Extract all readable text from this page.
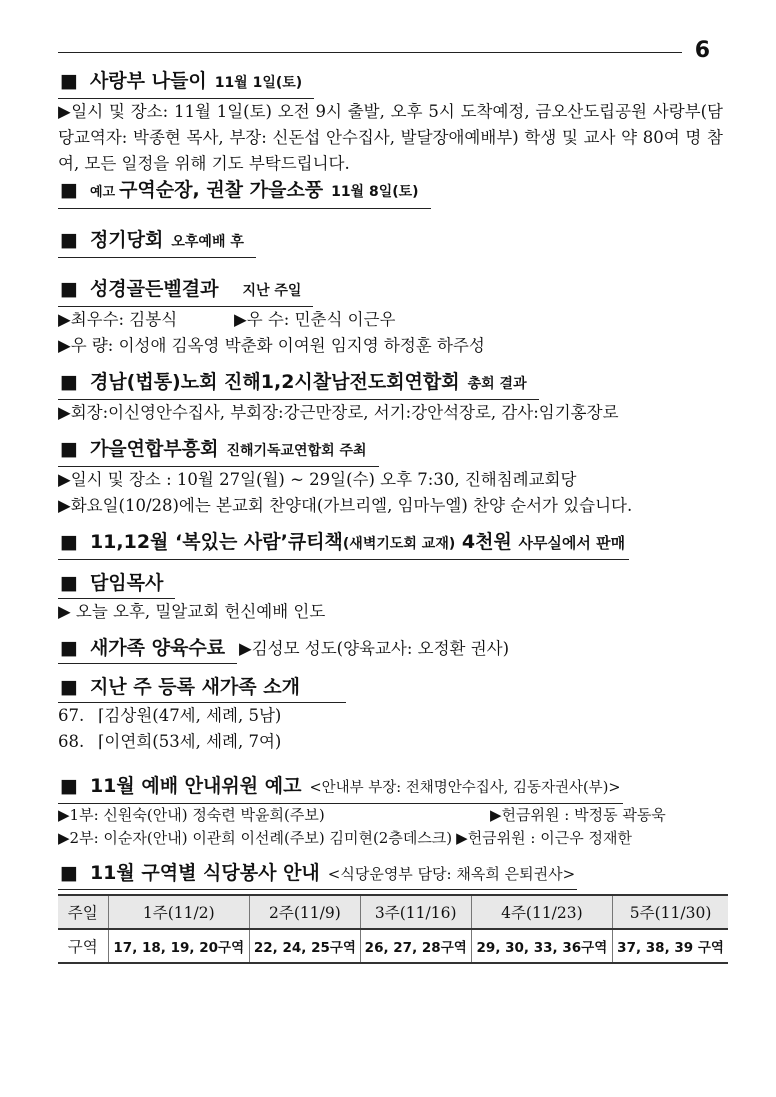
6
■ 사랑부 나들이 11월 1일(토)
▶일시 및 장소: 11월 1일(토) 오전 9시 출발, 오후 5시 도착예정, 금오산도립공원 사랑부(담당교역자: 박종현 목사, 부장: 신돈섭 안수집사, 발달장애예배부) 학생 및 교사 약 80여 명 참여, 모든 일정을 위해 기도 부탁드립니다.
■ 예고 구역순장, 권찰 가을소풍 11월 8일(토)
■ 정기당회 오후예배 후
■ 성경골든벨결과 지난 주일
▶최우수: 김봉식	▶우 수: 민춘식 이근우
▶우 량: 이성애 김옥영 박춘화 이여원 임지영 하정훈 하주성
■ 경남(법통)노회 진해1,2시찰남전도회연합회 총회 결과
▶회장:이신영안수집사, 부회장:강근만장로, 서기:강안석장로, 감사:임기홍장로
■ 가을연합부흥회 진해기독교연합회 주최
▶일시 및 장소 : 10월 27일(월) ~ 29일(수) 오후 7:30, 진해침례교회당
▶화요일(10/28)에는 본교회 찬양대(가브리엘, 임마누엘) 찬양 순서가 있습니다.
■ 11,12월 ‘복있는 사람’큐티책(새벽기도회 교재) 4천원 사무실에서 판매
■ 담임목사
▶ 오늘 오후, 밀알교회 헌신예배 인도
■ 새가족 양육수료 ▶김성모 성도(양육교사: 오정환 권사)
■ 지난 주 등록 새가족 소개
67. ⌈김상원(47세, 세례, 5남)
68. ⌈이연희(53세, 세례, 7여)
■ 11월 예배 안내위원 예고 <안내부 부장: 전채명안수집사, 김동자권사(부)>
▶1부: 신원숙(안내) 정숙련 박윤희(주보)	▶헌금위원 : 박정동 곽동욱
▶2부: 이순자(안내) 이관희 이선례(주보) 김미현(2층데스크) ▶헌금위원 : 이근우 정재한
■ 11월 구역별 식당봉사 안내 <식당운영부 담당: 채옥희 은퇴권사>
주일	1주(11/2)	2주(11/9)	3주(11/16)	4주(11/23)	5주(11/30)
구역	17, 18, 19, 20구역	22, 24, 25구역	26, 27, 28구역	29, 30, 33, 36구역	37, 38, 39 구역
